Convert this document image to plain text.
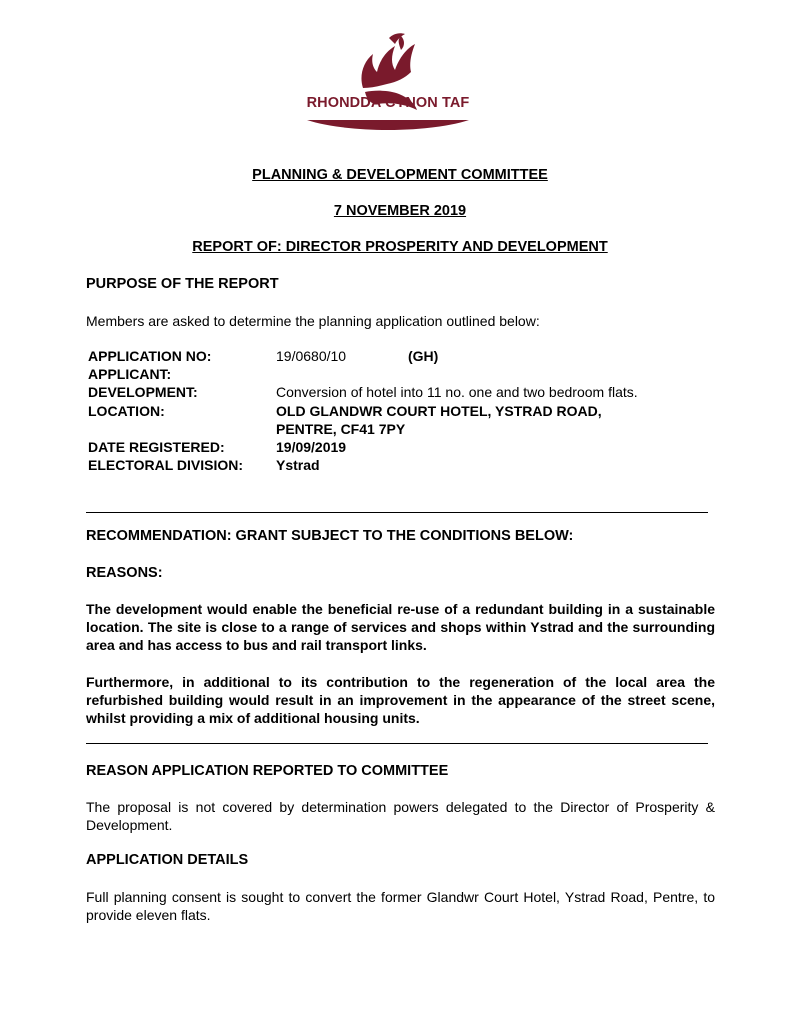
RHONDDA CYNON TAF
PLANNING & DEVELOPMENT COMMITTEE
7 NOVEMBER 2019
REPORT OF: DIRECTOR PROSPERITY AND DEVELOPMENT
PURPOSE OF THE REPORT
Members are asked to determine the planning application outlined below:
APPLICATION NO:	19/0680/10	(GH)
APPLICANT:
DEVELOPMENT:	Conversion of hotel into 11 no. one and two bedroom flats.
LOCATION:	OLD GLANDWR COURT HOTEL, YSTRAD ROAD, PENTRE, CF41 7PY
DATE REGISTERED:	19/09/2019
ELECTORAL DIVISION:	Ystrad
RECOMMENDATION: GRANT SUBJECT TO THE CONDITIONS BELOW:
REASONS:
The development would enable the beneficial re-use of a redundant building in a sustainable location. The site is close to a range of services and shops within Ystrad and the surrounding area and has access to bus and rail transport links.
Furthermore, in additional to its contribution to the regeneration of the local area the refurbished building would result in an improvement in the appearance of the street scene, whilst providing a mix of additional housing units.
REASON APPLICATION REPORTED TO COMMITTEE
The proposal is not covered by determination powers delegated to the Director of Prosperity & Development.
APPLICATION DETAILS
Full planning consent is sought to convert the former Glandwr Court Hotel, Ystrad Road, Pentre, to provide eleven flats.
